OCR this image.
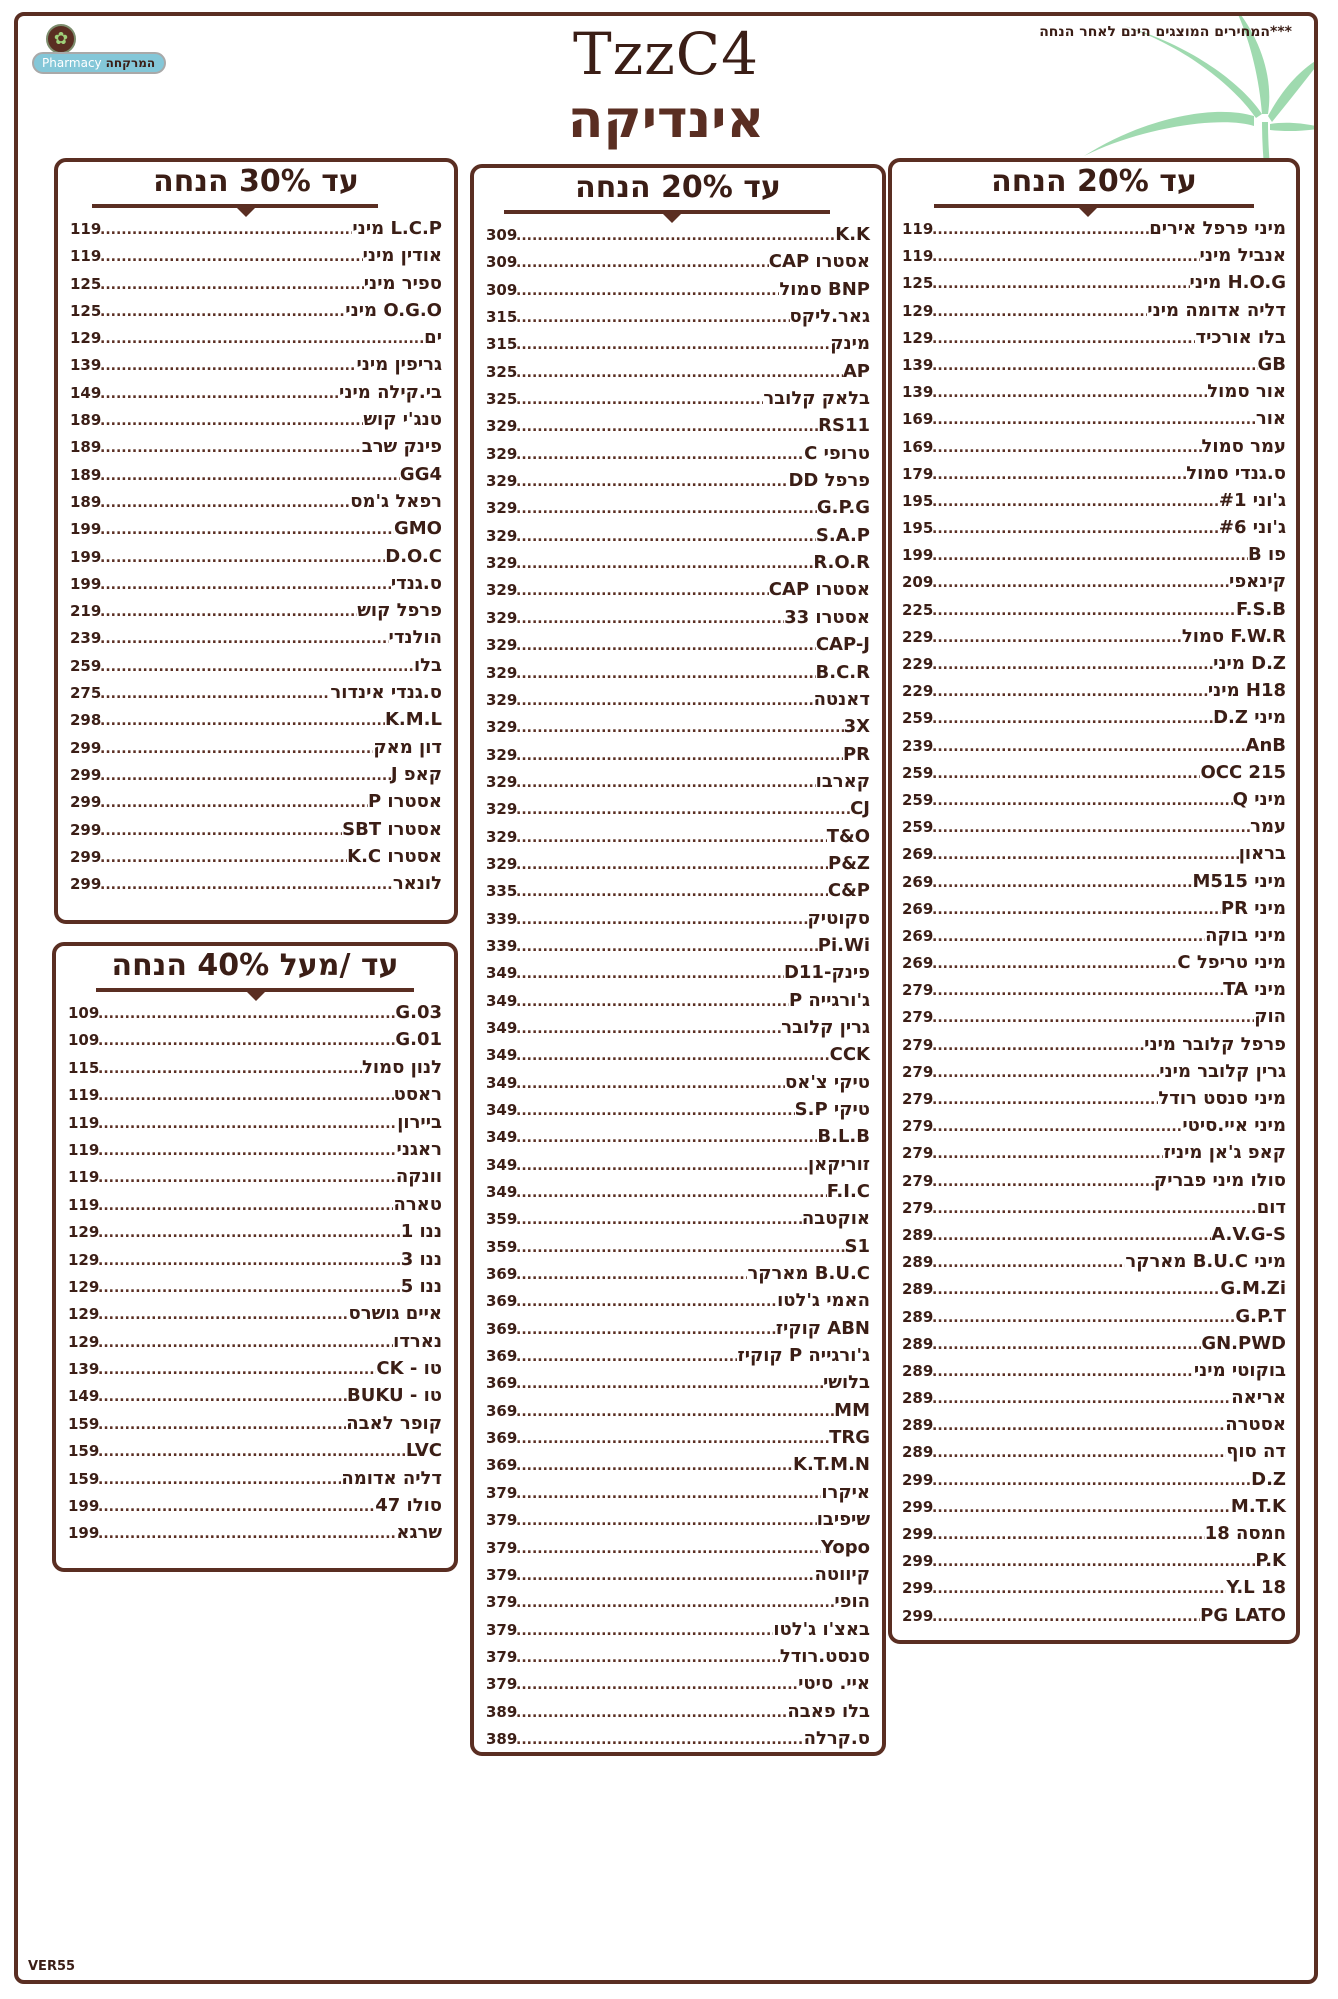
***המחירים המוצגים הינם לאחר הנחה
✿
Pharmacy המרקחה	TzzC4
אינדיקה
עד 20% הנחה
119 .....	מיני פרפל אירים
119 .....	אנביל מיני
125 .....	H.O.G מיני
129 .....	דליה אדומה מיני
129 .....	בלו אורכיד
139 .....	GB
139 .....	אור סמול
169 .....	אור
169 .....	עמר סמול
179 .....	ס.גנדי סמול
195 .....	ג'וני #1
195 .....	ג'וני #6
199 .....	פו B
209 .....	קינאפי
225 .....	F.S.B
229 .....	F.W.R סמול
229 .....	D.Z מיני
229 .....	H18 מיני
259 .....	מיני D.Z
239 .....	AnB
259 .....	OCC 215
259 .....	מיני Q
259 .....	עמר
269 .....	בראון
269 .....	מיני M515
269 .....	מיני PR
269 .....	מיני בוקה
269 .....	מיני טריפל C
279 .....	מיני TA
279 .....	הוק
279 .....	פרפל קלובר מיני
279 .....	גרין קלובר מיני
279 .....	מיני סנסט רודל
279 .....	מיני איי.סיטי
279 .....	קאפ ג'אן מיניז
279 .....	סולו מיני פבריק
279 .....	דום
289 .....	A.V.G-S
289 .....	מיני B.U.C מארקר
289 .....	G.M.Zi
289 .....	G.P.T
289 .....	GN.PWD
289 .....	בוקוטי מיני
289 .....	אריאה
289 .....	אסטרה
289 .....	דה סוף
299 .....	D.Z
299 .....	M.T.K
299 .....	חמסה 18
299 .....	P.K
299 .....	Y.L 18
299 .....	PG LATO
עד 20% הנחה
309 .....	K.K
309 .....	אסטרו CAP
309 .....	BNP סמול
315 .....	גאר.ליקס
315 .....	מינק
325 .....	AP
325 .....	בלאק קלובר
329 .....	RS11
329 .....	טרופי C
329 .....	פרפל DD
329 .....	G.P.G
329 .....	S.A.P
329 .....	R.O.R
329 .....	אסטרו CAP
329 .....	אסטרו 33
329 .....	CAP-J
329 .....	B.C.R
329 .....	דאנטה
329 .....	3X
329 .....	PR
329 .....	קארבו
329 .....	CJ
329 .....	T&O
329 .....	P&Z
335 .....	C&P
339 .....	סקוטיק
339 .....	Pi.Wi
349 .....	פינק-D11
349 .....	ג'ורגייה P
349 .....	גרין קלובר
349 .....	CCK
349 .....	טיקי צ'אס
349 .....	טיקי S.P
349 .....	B.L.B
349 .....	זוריקאן
349 .....	F.I.C
359 .....	אוקטבה
359 .....	S1
369 .....	B.U.C מארקר
369 .....	האמי ג'לטו
369 .....	ABN קוקיז
369 .....	ג'ורגייה P קוקיז
369 .....	בלושי
369 .....	MM
369 .....	TRG
369 .....	K.T.M.N
379 .....	איקרו
379 .....	שיפיבו
379 .....	Yopo
379 .....	קיווטה
379 .....	הופי
379 .....	באצ'ו ג'לטו
379 .....	סנסט.רודל
379 .....	איי. סיטי
389 .....	בלו פאבה
389 .....	ס.קרלה
עד 30% הנחה
119 .....	L.C.P מיני
119 .....	אודין מיני
125 .....	ספיר מיני
125 .....	O.G.O מיני
129 .....	ים
139 .....	גריפין מיני
149 .....	בי.קילה מיני
189 .....	טנג'י קוש
189 .....	פינק שרב
189 .....	GG4
189 .....	רפאל ג'מס
199 .....	GMO
199 .....	D.O.C
199 .....	ס.גנדי
219 .....	פרפל קוש
239 .....	הולנדי
259 .....	בלו
275 .....	ס.גנדי אינדור
298 .....	K.M.L
299 .....	דון מאק
299 .....	קאפ J
299 .....	אסטרו P
299 .....	אסטרו SBT
299 .....	אסטרו K.C
299 .....	לונאר
עד /מעל 40% הנחה
109 .....	G.03
109 .....	G.01
115 .....	לנון סמול
119 .....	ראסט
119 .....	ביירון
119 .....	ראגני
119 .....	וונקה
119 .....	טארה
129 .....	ננו 1
129 .....	ננו 3
129 .....	ננו 5
129 .....	איים גושרס
129 .....	נארדו
139 .....	טו - CK
149 .....	טו - BUKU
159 .....	קופר לאבה
159 .....	LVC
159 .....	דליה אדומה
199 .....	סולו 47
199 .....	שרגא
VER55
